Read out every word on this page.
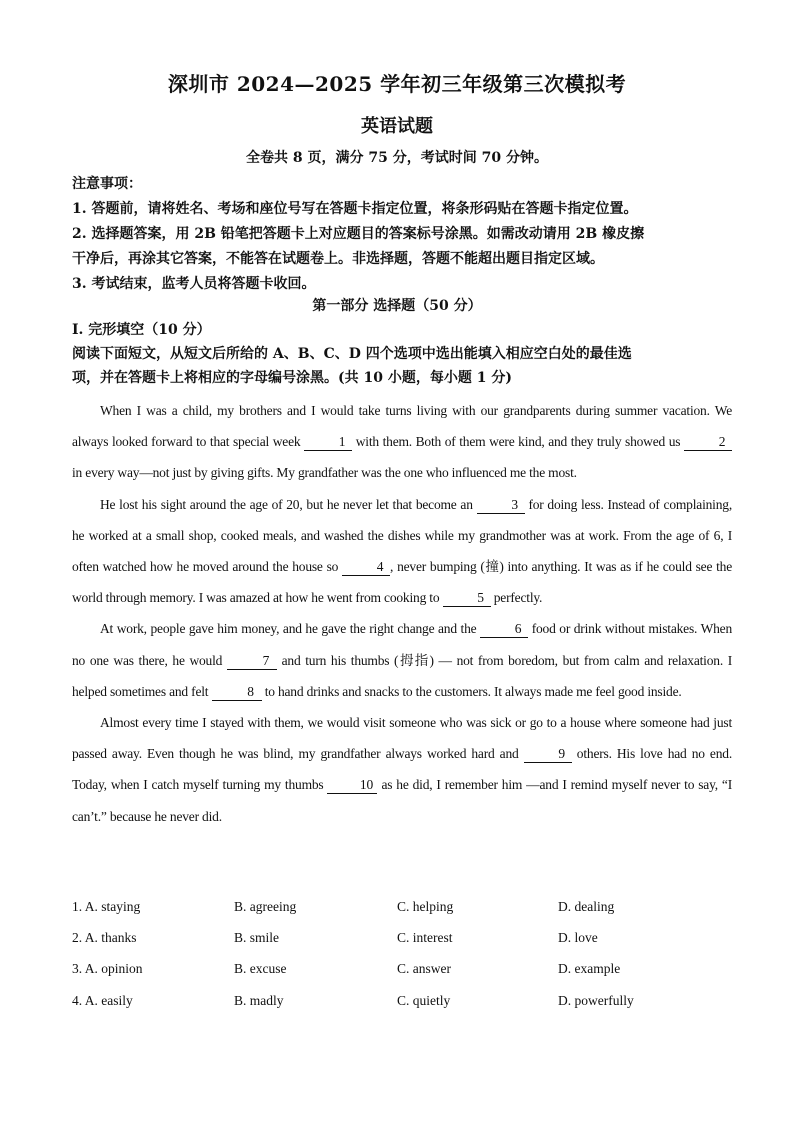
深圳市 2024—2025 学年初三年级第三次模拟考
英语试题
全卷共 8 页，满分 75 分，考试时间 70 分钟。
注意事项：
1. 答题前，请将姓名、考场和座位号写在答题卡指定位置，将条形码贴在答题卡指定位置。
2. 选择题答案，用 2B 铅笔把答题卡上对应题目的答案标号涂黑。如需改动请用 2B 橡皮擦
干净后，再涂其它答案，不能答在试题卷上。非选择题，答题不能超出题目指定区域。
3. 考试结束，监考人员将答题卡收回。
第一部分 选择题（50 分）
Ⅰ. 完形填空（10 分）
阅读下面短文，从短文后所给的 A、B、C、D 四个选项中选出能填入相应空白处的最佳选
项，并在答题卡上将相应的字母编号涂黑。(共 10 小题，每小题 1 分)

When I was a child, my brothers and I would take turns living with our grandparents during summer vacation. We always looked forward to that special week	1 with them. Both of them were kind, and they truly showed us	2 in every way—not just by giving gifts. My grandfather was the one who influenced me the most.

He lost his sight around the age of 20, but he never let that become an	3 for doing less. Instead of complaining, he worked at a small shop, cooked meals, and washed the dishes while my grandmother was at work. From the age of 6, I often watched how he moved around the house so	4 , never bumping (撞) into anything. It was as if he could see the world through memory. I was amazed at how he went from cooking to	5 perfectly.

At work, people gave him money, and he gave the right change and the	6 food or drink without mistakes. When no one was there, he would	7 and turn his thumbs (拇指) — not from boredom, but from calm and relaxation. I helped sometimes and felt	8 to hand drinks and snacks to the customers. It always made me feel good inside.

Almost every time I stayed with them, we would visit someone who was sick or go to a house where someone had just passed away. Even though he was blind, my grandfather always worked hard and	9 others. His love had no end. Today, when I catch myself turning my thumbs 10 as he did, I remember him —and I remind myself never to say, “I can’t.” because he never did.

1. A. staying	B. agreeing	C. helping	D. dealing
2. A. thanks	B. smile	C. interest	D. love
3. A. opinion	B. excuse	C. answer	D. example
4. A. easily	B. madly	C. quietly	D. powerfully
